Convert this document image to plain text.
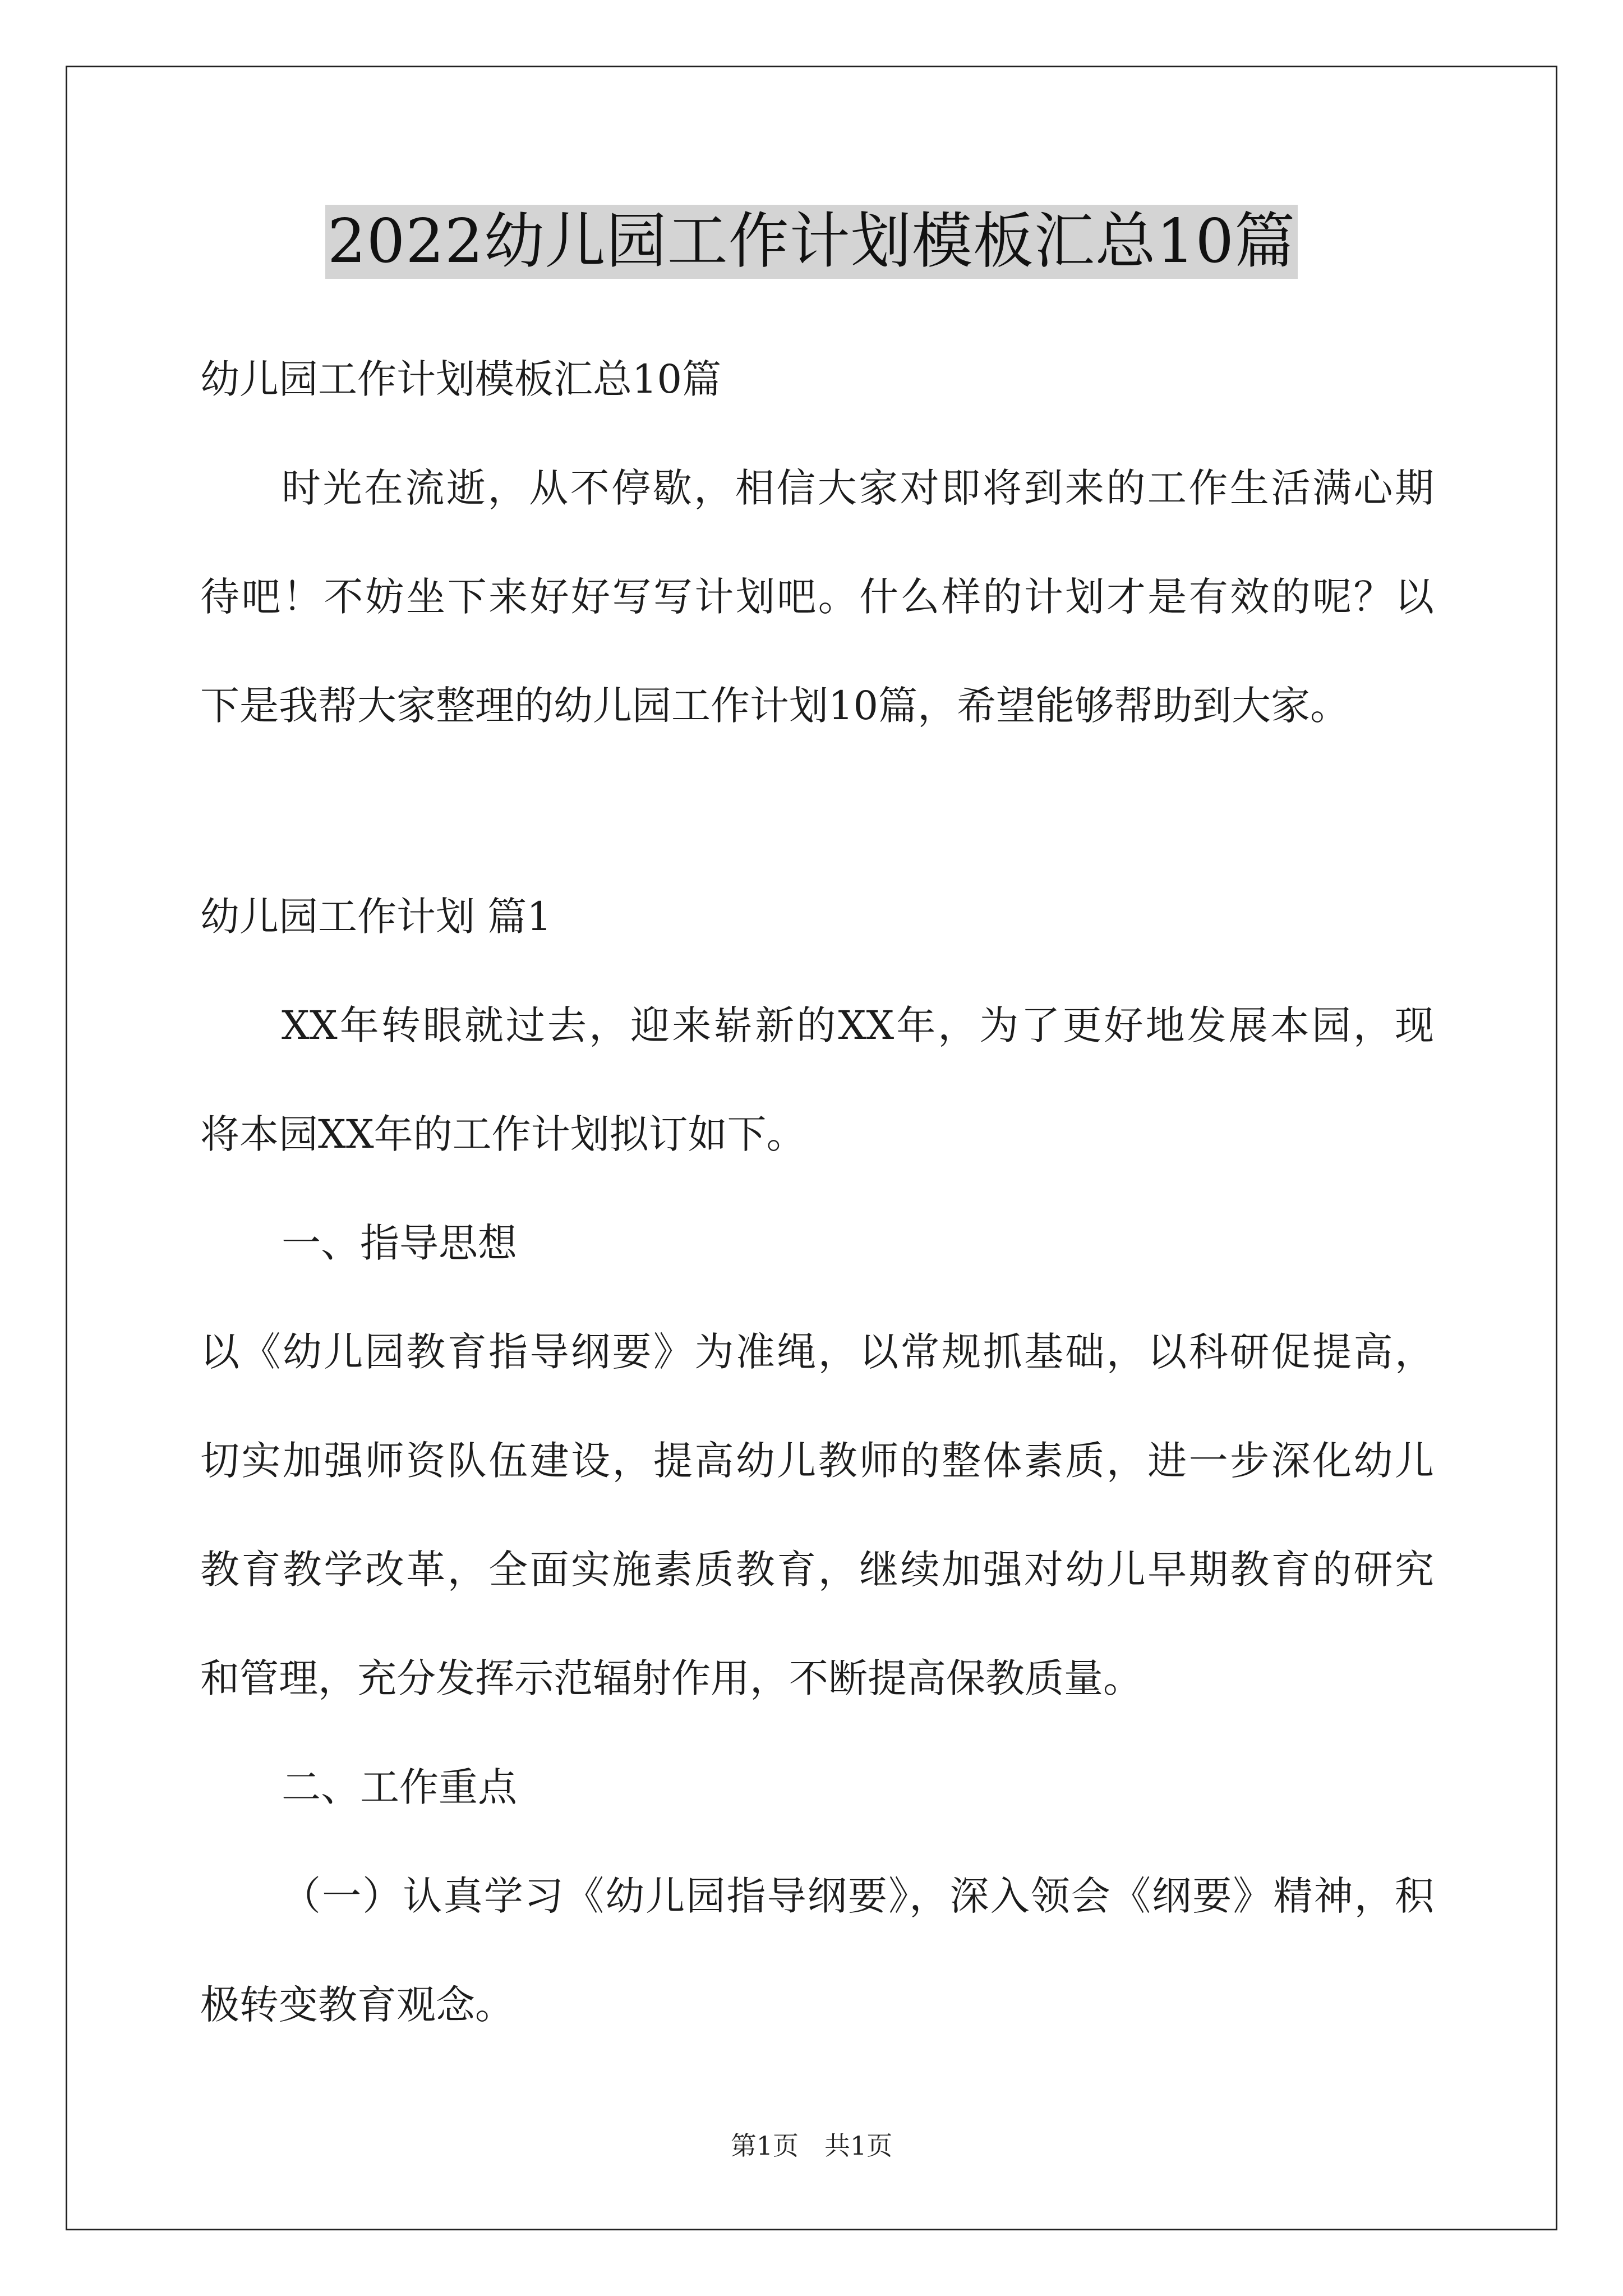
2022幼儿园工作计划模板汇总10篇
幼儿园工作计划模板汇总10篇
时光在流逝，从不停歇，相信大家对即将到来的工作生活满心期
待吧！不妨坐下来好好写写计划吧。什么样的计划才是有效的呢？以
下是我帮大家整理的幼儿园工作计划10篇，希望能够帮助到大家。
幼儿园工作计划 篇1
XX年转眼就过去，迎来崭新的XX年，为了更好地发展本园，现
将本园XX年的工作计划拟订如下。
一、指导思想
以《幼儿园教育指导纲要》为准绳，以常规抓基础，以科研促提高，
切实加强师资队伍建设，提高幼儿教师的整体素质，进一步深化幼儿
教育教学改革，全面实施素质教育，继续加强对幼儿早期教育的研究
和管理，充分发挥示范辐射作用，不断提高保教质量。
二、工作重点
（一）认真学习《幼儿园指导纲要》，深入领会《纲要》精神，积
极转变教育观念。
第1页　共1页
